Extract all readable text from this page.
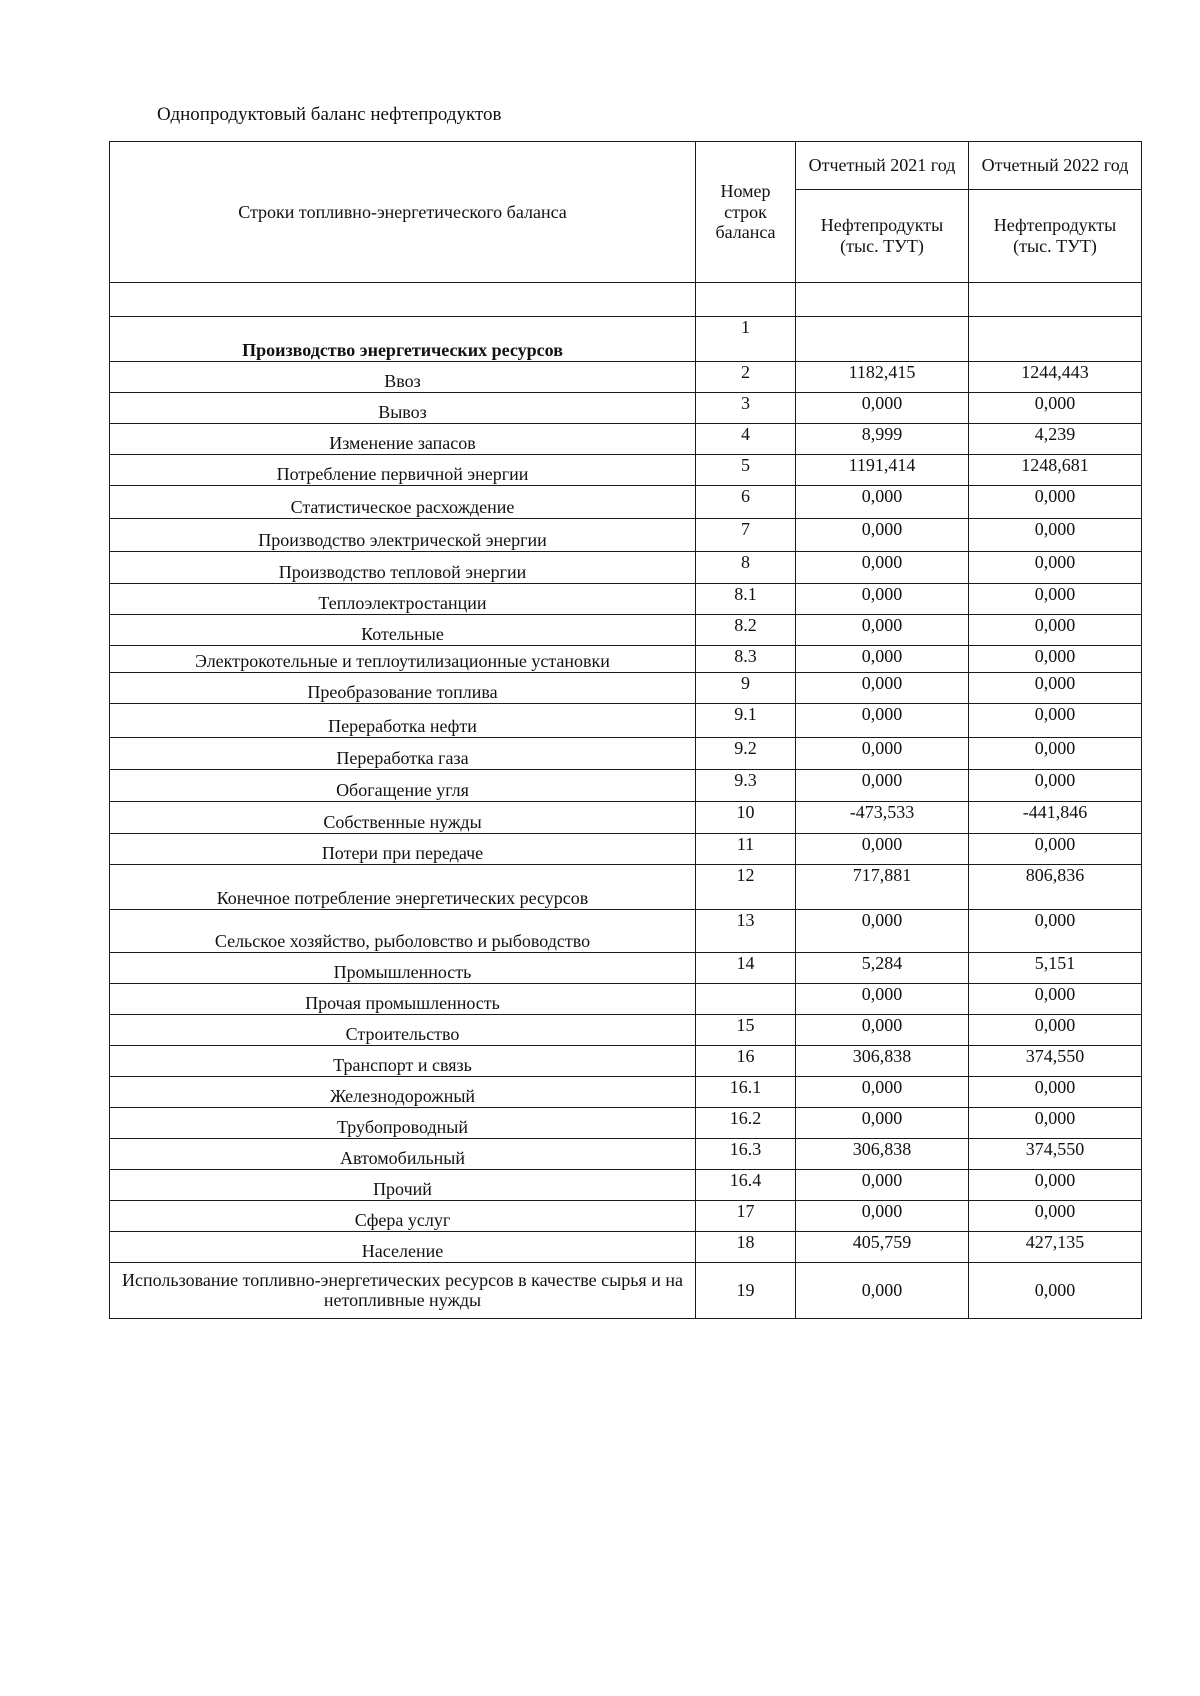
Однопродуктовый баланс нефтепродуктов
Строки топливно-энергетического баланса	Номер строк баланса	Отчетный 2021 год	Отчетный 2022 год
		Нефтепродукты (тыс. ТУТ)	Нефтепродукты (тыс. ТУТ)

Производство энергетических ресурсов	1		
Ввоз	2	1182,415	1244,443
Вывоз	3	0,000	0,000
Изменение запасов	4	8,999	4,239
Потребление первичной энергии	5	1191,414	1248,681
Статистическое расхождение	6	0,000	0,000
Производство электрической энергии	7	0,000	0,000
Производство тепловой энергии	8	0,000	0,000
Теплоэлектростанции	8.1	0,000	0,000
Котельные	8.2	0,000	0,000
Электрокотельные и теплоутилизационные установки	8.3	0,000	0,000
Преобразование топлива	9	0,000	0,000
Переработка нефти	9.1	0,000	0,000
Переработка газа	9.2	0,000	0,000
Обогащение угля	9.3	0,000	0,000
Собственные нужды	10	-473,533	-441,846
Потери при передаче	11	0,000	0,000
Конечное потребление энергетических ресурсов	12	717,881	806,836
Сельское хозяйство, рыболовство и рыбоводство	13	0,000	0,000
Промышленность	14	5,284	5,151
Прочая промышленность		0,000	0,000
Строительство	15	0,000	0,000
Транспорт и связь	16	306,838	374,550
Железнодорожный	16.1	0,000	0,000
Трубопроводный	16.2	0,000	0,000
Автомобильный	16.3	306,838	374,550
Прочий	16.4	0,000	0,000
Сфера услуг	17	0,000	0,000
Население	18	405,759	427,135
Использование топливно-энергетических ресурсов в качестве сырья и на нетопливные нужды	19	0,000	0,000
